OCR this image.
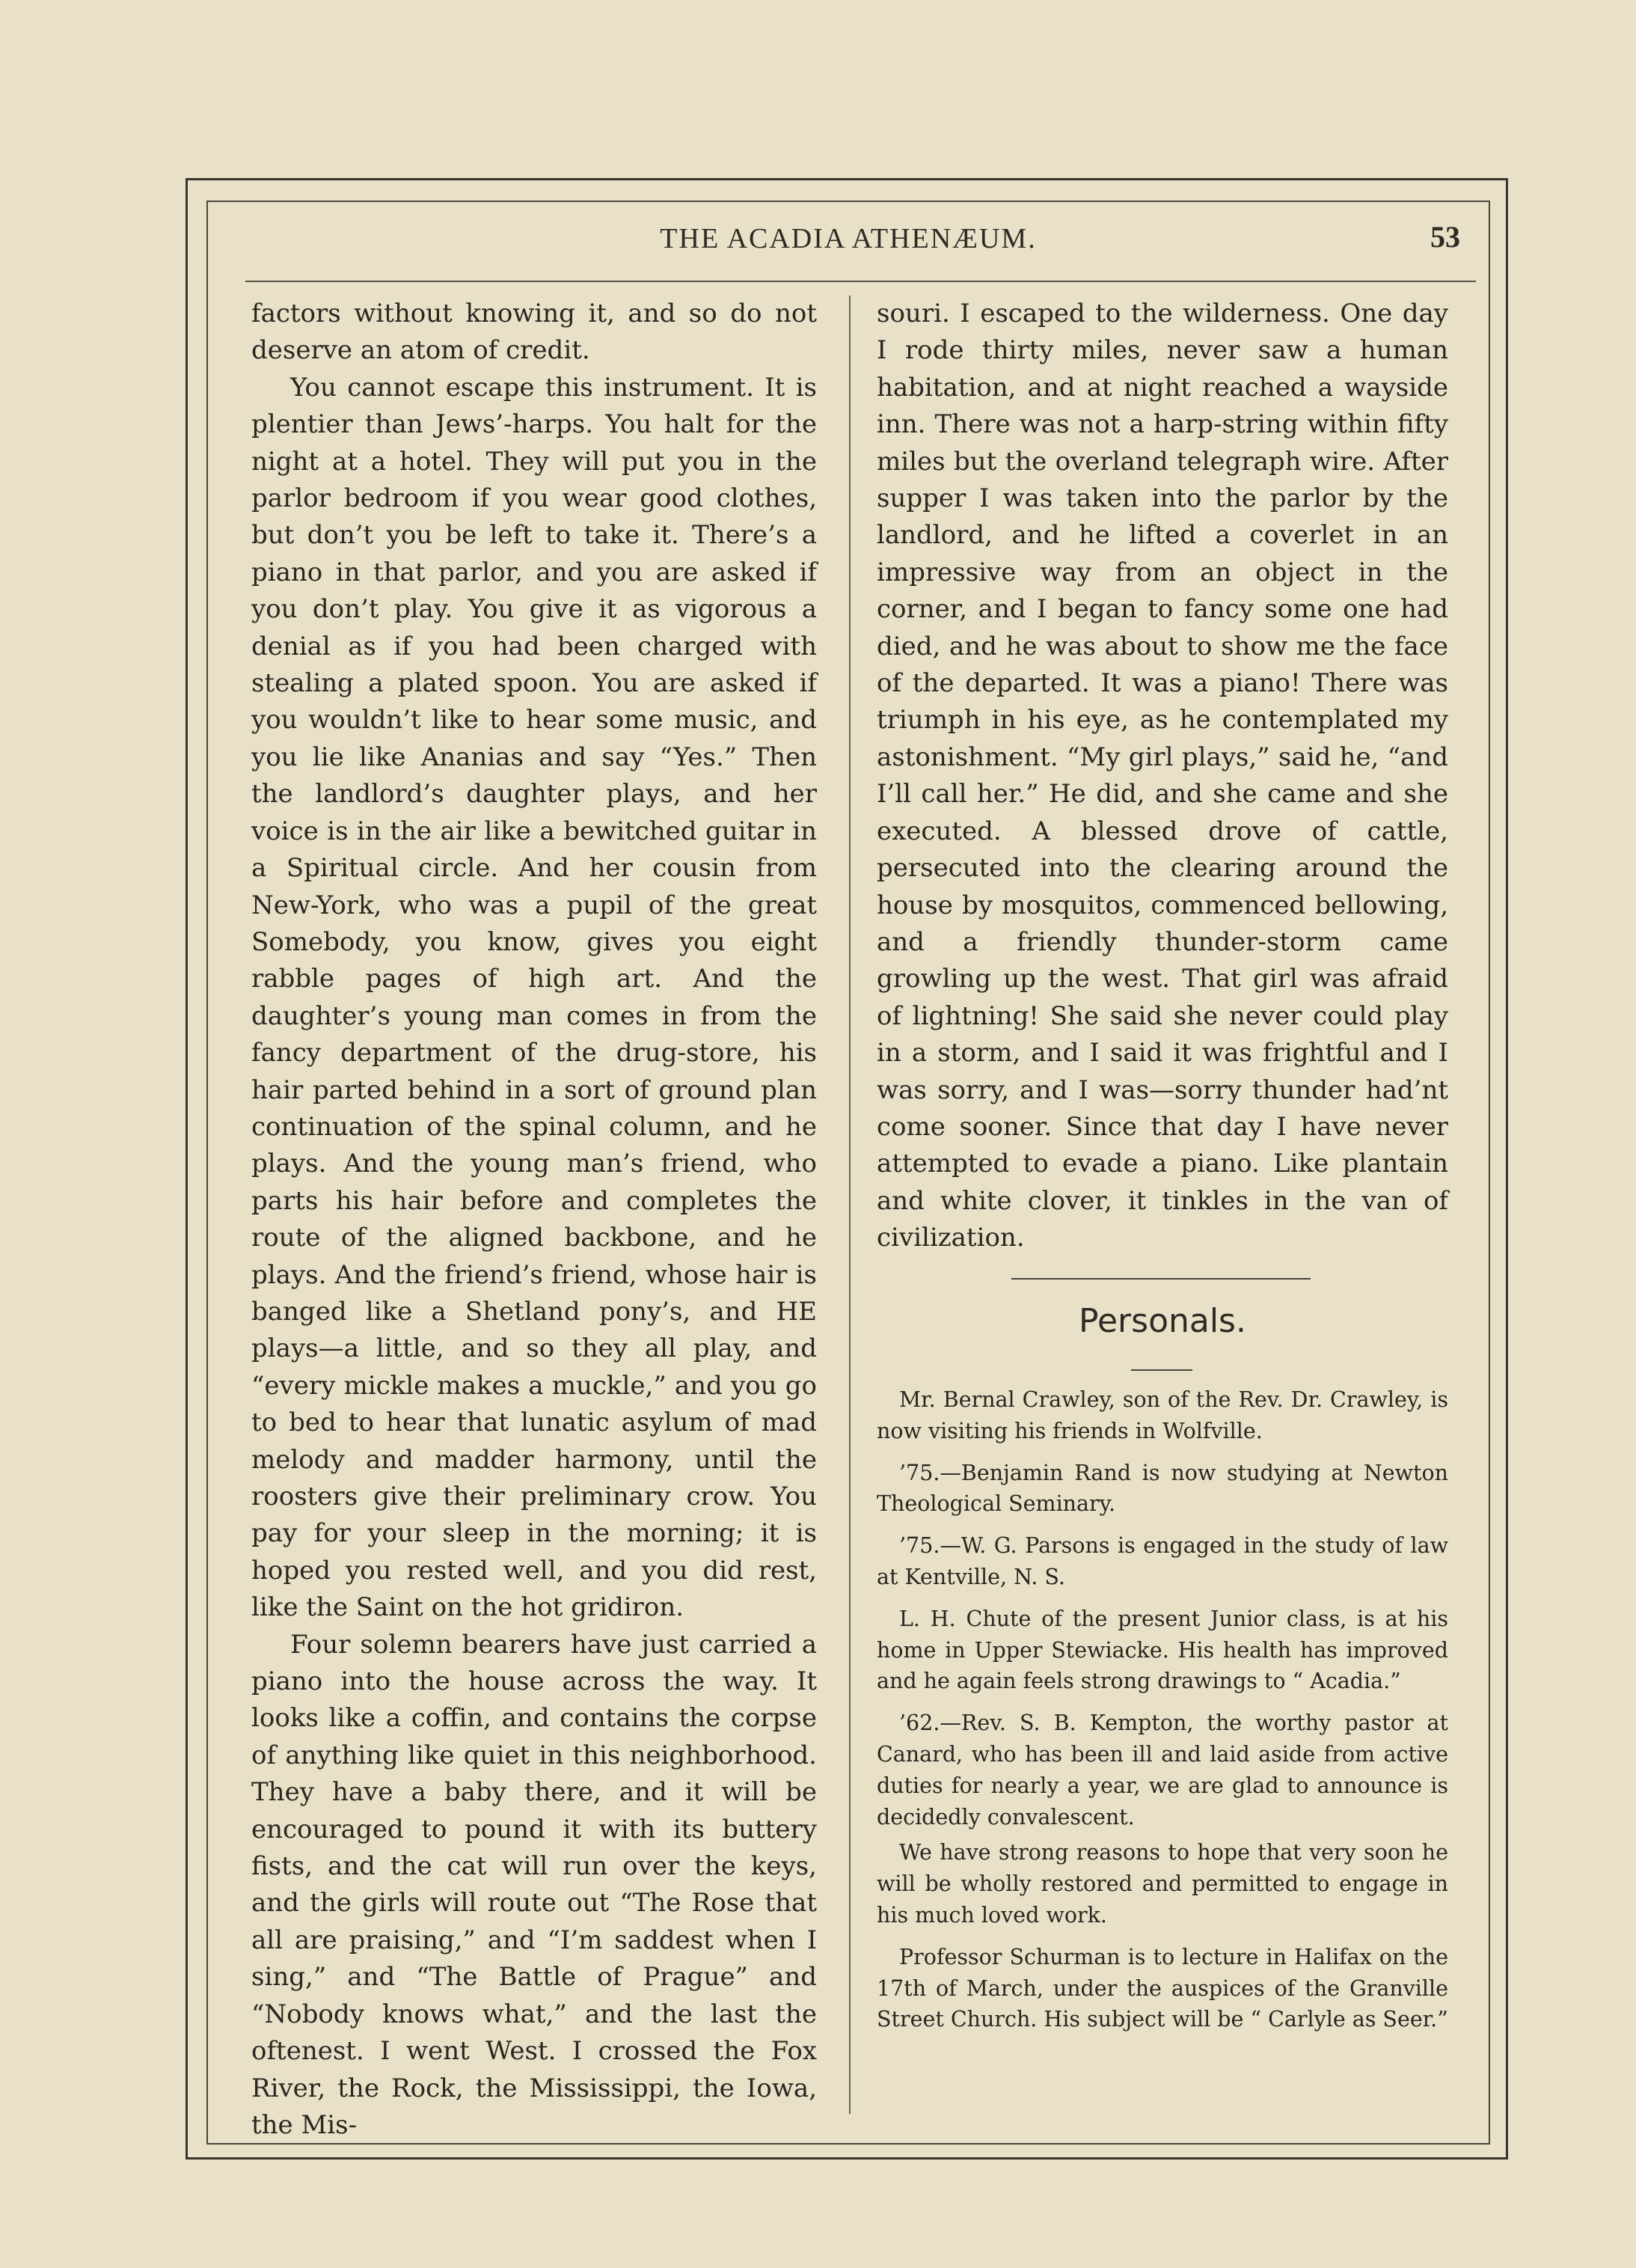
THE ACADIA ATHENÆUM.	53

factors without knowing it, and so do not deserve an atom of credit.

You cannot escape this instrument. It is plentier than Jews’-harps. You halt for the night at a hotel. They will put you in the parlor bedroom if you wear good clothes, but don’t you be left to take it. There’s a piano in that parlor, and you are asked if you don’t play. You give it as vigorous a denial as if you had been charged with stealing a plated spoon. You are asked if you wouldn’t like to hear some music, and you lie like Ananias and say “Yes.” Then the landlord’s daughter plays, and her voice is in the air like a bewitched guitar in a Spiritual circle. And her cousin from New-York, who was a pupil of the great Somebody, you know, gives you eight rabble pages of high art. And the daughter’s young man comes in from the fancy department of the drug-store, his hair parted behind in a sort of ground plan continuation of the spinal column, and he plays. And the young man’s friend, who parts his hair before and completes the route of the aligned backbone, and he plays. And the friend’s friend, whose hair is banged like a Shetland pony’s, and HE plays—a little, and so they all play, and “every mickle makes a muckle,” and you go to bed to hear that lunatic asylum of mad melody and madder harmony, until the roosters give their preliminary crow. You pay for your sleep in the morning; it is hoped you rested well, and you did rest, like the Saint on the hot gridiron.

Four solemn bearers have just carried a piano into the house across the way. It looks like a coffin, and contains the corpse of anything like quiet in this neighborhood. They have a baby there, and it will be encouraged to pound it with its buttery fists, and the cat will run over the keys, and the girls will route out “The Rose that all are praising,” and “I’m saddest when I sing,” and “The Battle of Prague” and “Nobody knows what,” and the last the oftenest. I went West. I crossed the Fox River, the Rock, the Mississippi, the Iowa, the Mis-

souri. I escaped to the wilderness. One day I rode thirty miles, never saw a human habitation, and at night reached a wayside inn. There was not a harp-string within fifty miles but the overland telegraph wire. After supper I was taken into the parlor by the landlord, and he lifted a coverlet in an impressive way from an object in the corner, and I began to fancy some one had died, and he was about to show me the face of the departed. It was a piano! There was triumph in his eye, as he contemplated my astonishment. “My girl plays,” said he, “and I’ll call her.” He did, and she came and she executed. A blessed drove of cattle, persecuted into the clearing around the house by mosquitos, commenced bellowing, and a friendly thunder-storm came growling up the west. That girl was afraid of lightning! She said she never could play in a storm, and I said it was frightful and I was sorry, and I was—sorry thunder had’nt come sooner. Since that day I have never attempted to evade a piano. Like plantain and white clover, it tinkles in the van of civilization.

Personals.

Mr. Bernal Crawley, son of the Rev. Dr. Crawley, is now visiting his friends in Wolfville.

’75.—Benjamin Rand is now studying at Newton Theological Seminary.

’75.—W. G. Parsons is engaged in the study of law at Kentville, N. S.

L. H. Chute of the present Junior class, is at his home in Upper Stewiacke. His health has improved and he again feels strong drawings to “ Acadia.”

’62.—Rev. S. B. Kempton, the worthy pastor at Canard, who has been ill and laid aside from active duties for nearly a year, we are glad to announce is decidedly convalescent.

We have strong reasons to hope that very soon he will be wholly restored and permitted to engage in his much loved work.

Professor Schurman is to lecture in Halifax on the 17th of March, under the auspices of the Granville Street Church. His subject will be “ Carlyle as Seer.”
